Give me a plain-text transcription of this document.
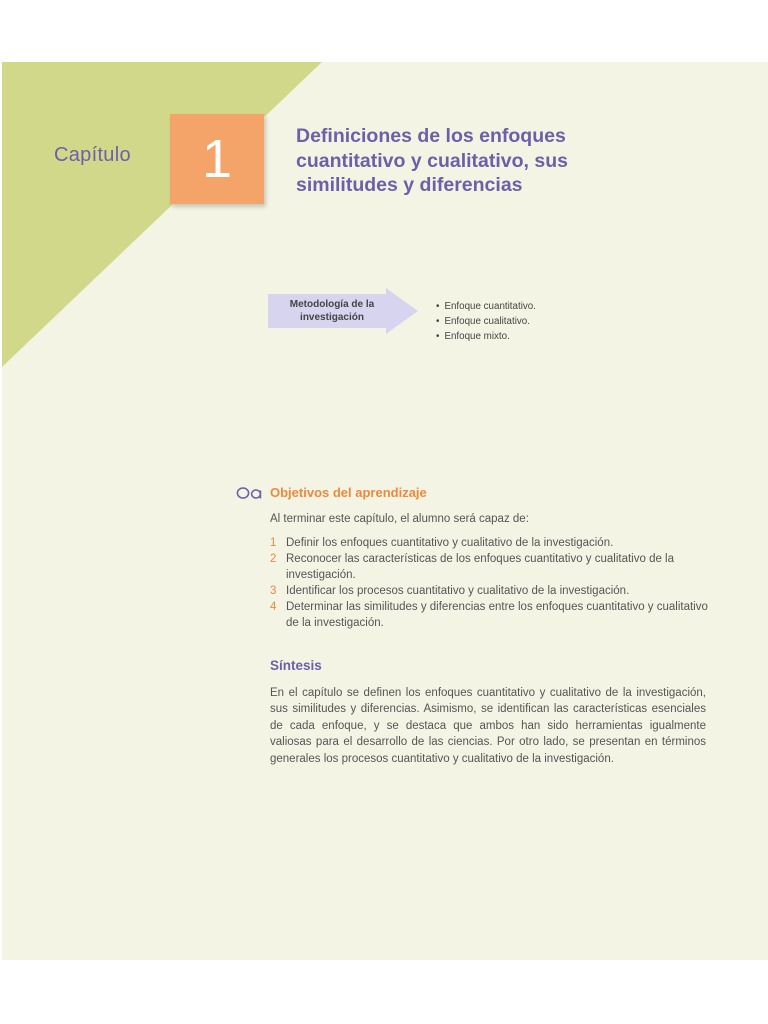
Capítulo 1	Definiciones de los enfoques cuantitativo y cualitativo, sus similitudes y diferencias
Metodología de la investigación
• Enfoque cuantitativo.
• Enfoque cualitativo.
• Enfoque mixto.
Objetivos del aprendizaje

Al terminar este capítulo, el alumno será capaz de:

1 Definir los enfoques cuantitativo y cualitativo de la investigación.
2 Reconocer las características de los enfoques cuantitativo y cualitativo de la investigación.
3 Identificar los procesos cuantitativo y cualitativo de la investigación.
4 Determinar las similitudes y diferencias entre los enfoques cuantitativo y cualitativo de la investigación.
Síntesis

En el capítulo se definen los enfoques cuantitativo y cualitativo de la investigación, sus similitudes y diferencias. Asimismo, se identifican las características esenciales de cada enfoque, y se destaca que ambos han sido herramientas igualmente valiosas para el desarrollo de las ciencias. Por otro lado, se presentan en términos generales los procesos cuantitativo y cualitativo de la investigación.
